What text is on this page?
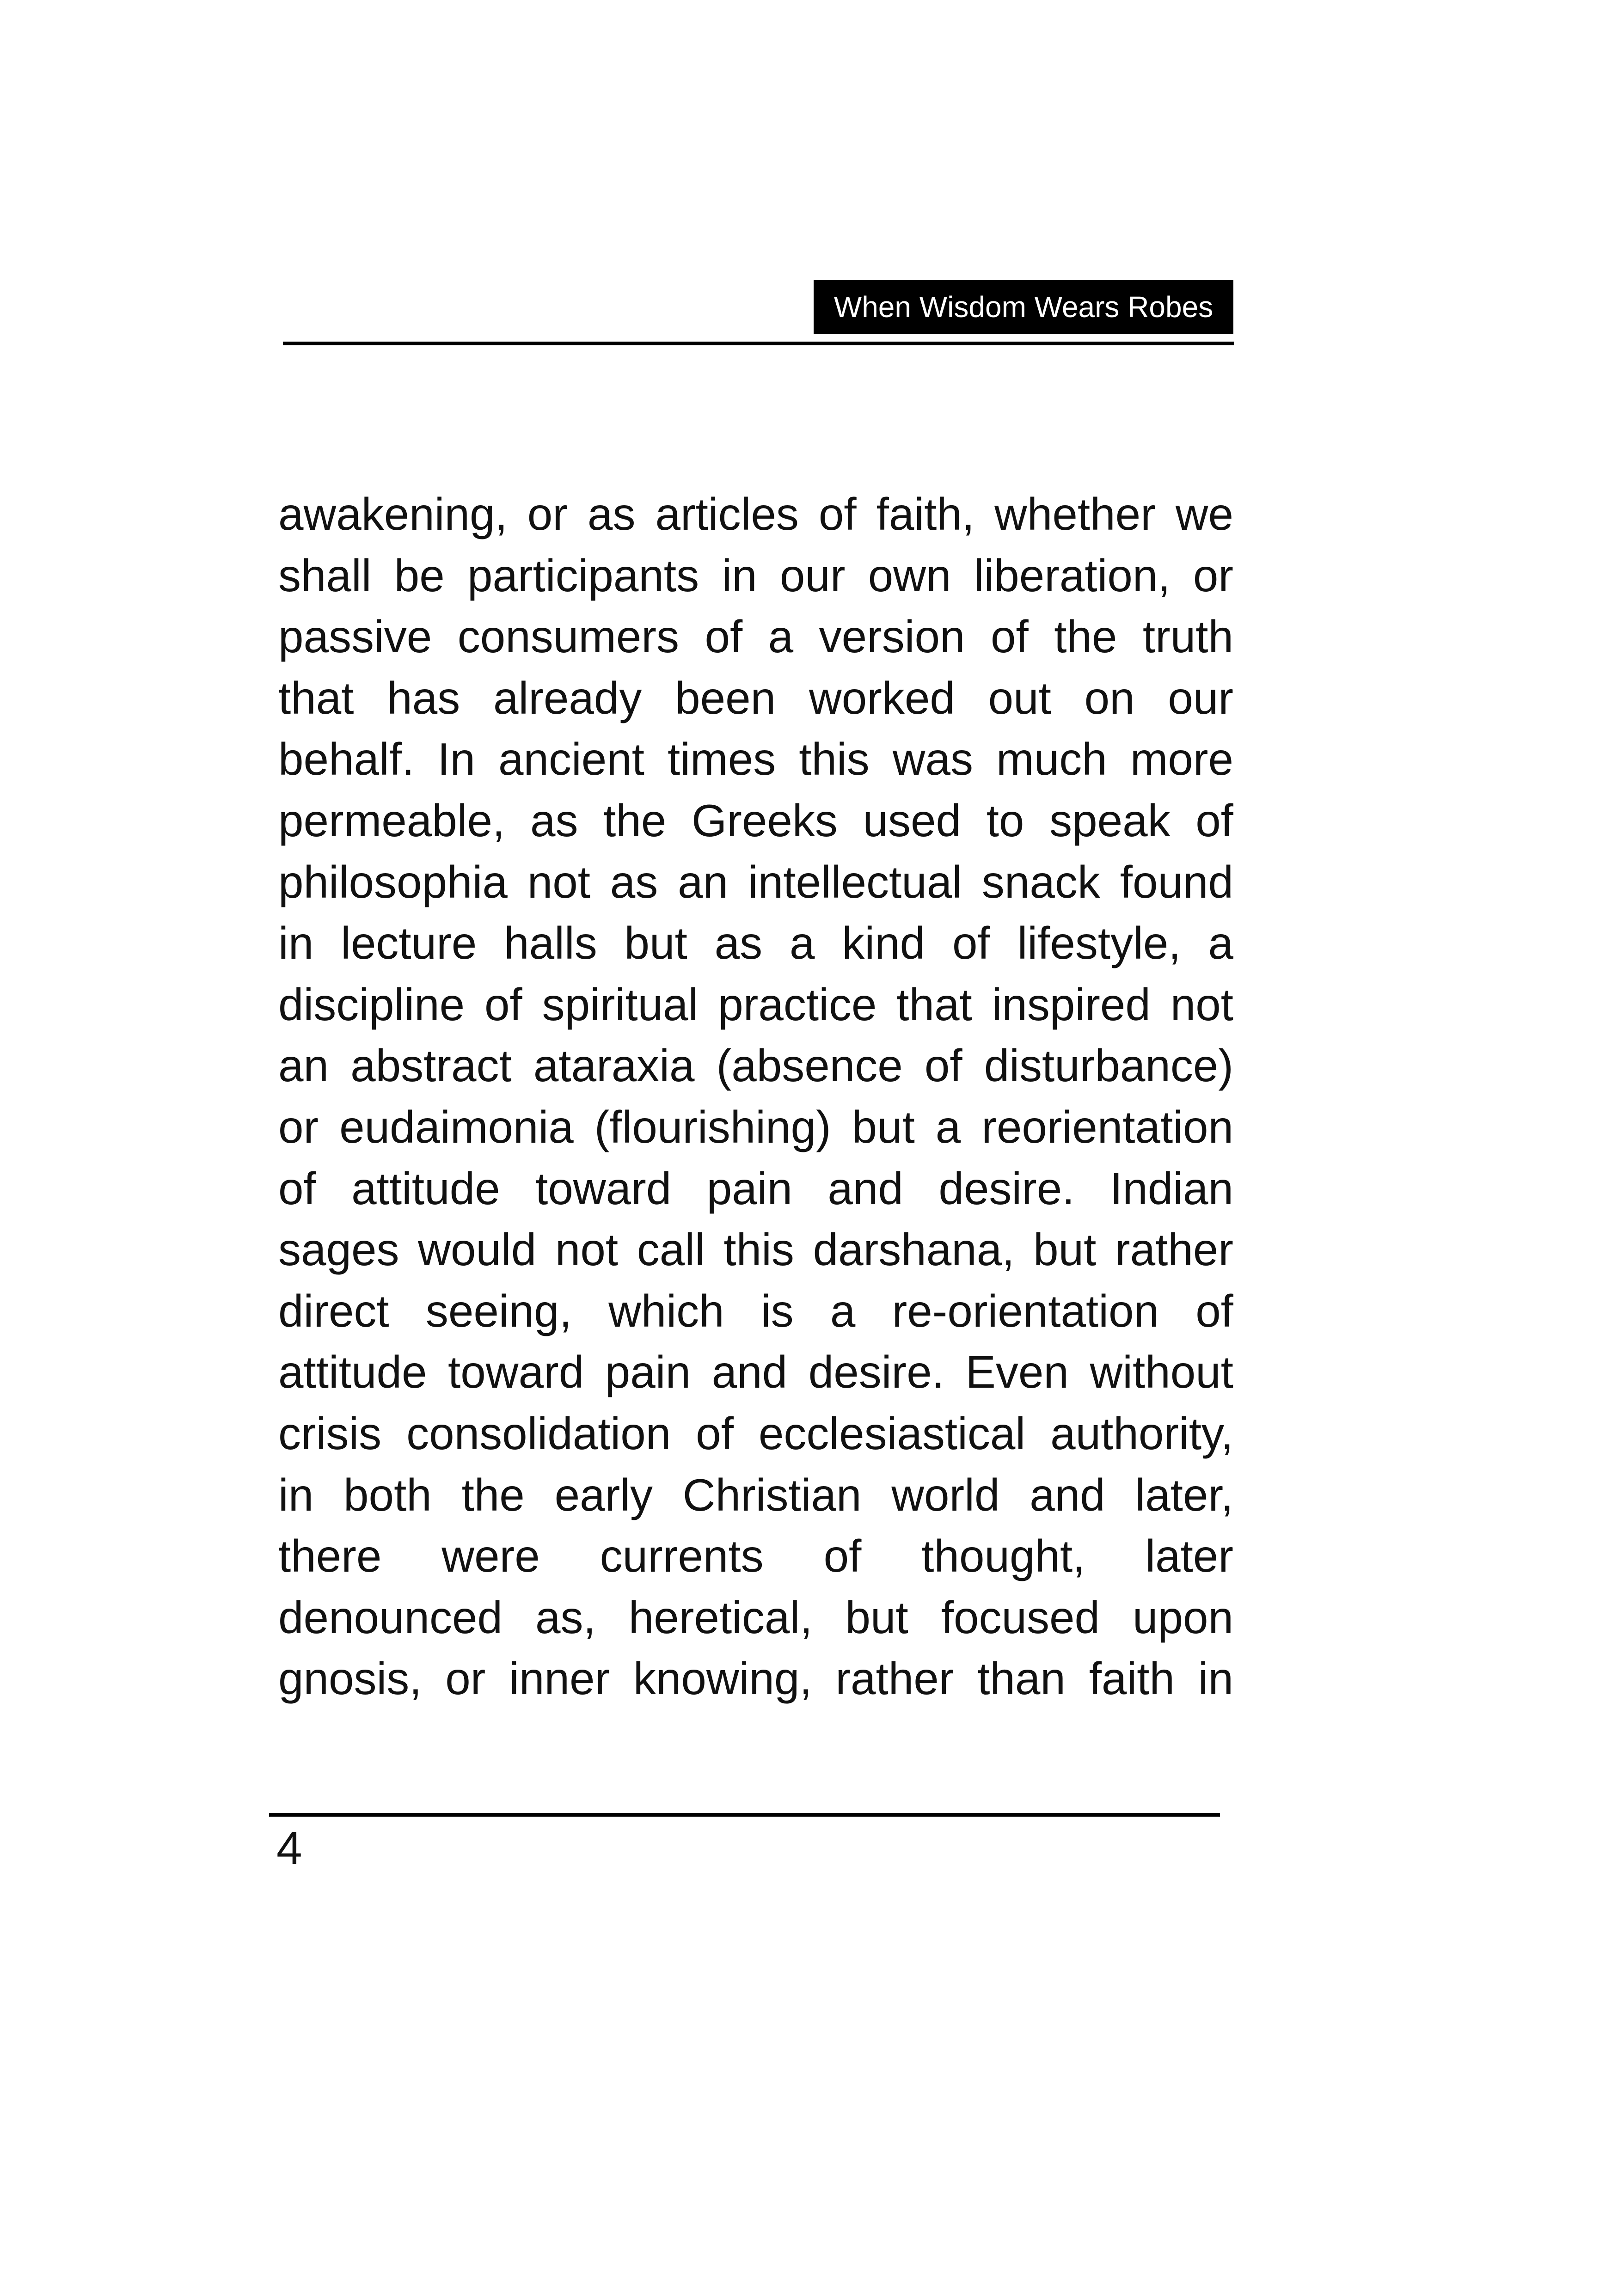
When Wisdom Wears Robes
awakening, or as articles of faith, whether we
shall be participants in our own liberation, or
passive consumers of a version of the truth
that has already been worked out on our
behalf. In ancient times this was much more
permeable, as the Greeks used to speak of
philosophia not as an intellectual snack found
in lecture halls but as a kind of lifestyle, a
discipline of spiritual practice that inspired not
an abstract ataraxia (absence of disturbance)
or eudaimonia (flourishing) but a reorientation
of attitude toward pain and desire. Indian
sages would not call this darshana, but rather
direct seeing, which is a re-orientation of
attitude toward pain and desire. Even without
crisis consolidation of ecclesiastical authority,
in both the early Christian world and later,
there were currents of thought, later
denounced as, heretical, but focused upon
gnosis, or inner knowing, rather than faith in
4
